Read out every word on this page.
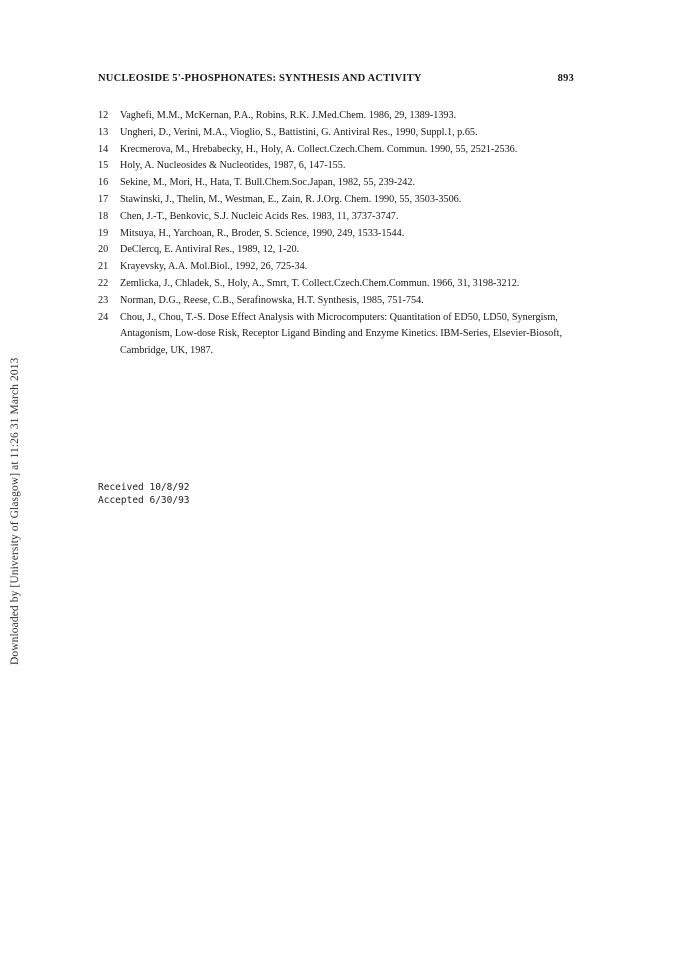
Downloaded by [University of Glasgow] at 11:26 31 March 2013
NUCLEOSIDE 5'-PHOSPHONATES: SYNTHESIS AND ACTIVITY	893

12 Vaghefi, M.M., McKernan, P.A., Robins, R.K. J.Med.Chem. 1986, 29, 1389-1393.

13 Ungheri, D., Verini, M.A., Vioglio, S., Battistini, G. Antiviral Res., 1990, Suppl.1, p.65.

14 Krecmerova, M., Hrebabecky, H., Holy, A. Collect.Czech.Chem. Commun. 1990, 55, 2521-2536.

15 Holy, A. Nucleosides & Nucleotides, 1987, 6, 147-155.

16 Sekine, M., Mori, H., Hata, T. Bull.Chem.Soc.Japan, 1982, 55, 239-242.

17 Stawinski, J., Thelin, M., Westman, E., Zain, R. J.Org. Chem. 1990, 55, 3503-3506.

18 Chen, J.-T., Benkovic, S.J. Nucleic Acids Res. 1983, 11, 3737-3747.

19 Mitsuya, H., Yarchoan, R., Broder, S. Science, 1990, 249, 1533-1544.

20 DeClercq, E. Antiviral Res., 1989, 12, 1-20.

21 Krayevsky, A.A. Mol.Biol., 1992, 26, 725-34.

22 Zemlicka, J., Chladek, S., Holy, A., Smrt, T. Collect.Czech.Chem.Commun. 1966, 31, 3198-3212.

23 Norman, D.G., Reese, C.B., Serafinowska, H.T. Synthesis, 1985, 751-754.

24 Chou, J., Chou, T.-S. Dose Effect Analysis with Microcomputers: Quantitation of ED50, LD50, Synergism, Antagonism, Low-dose Risk, Receptor Ligand Binding and Enzyme Kinetics. IBM-Series, Elsevier-Biosoft, Cambridge, UK, 1987.

Received 10/8/92
Accepted 6/30/93
